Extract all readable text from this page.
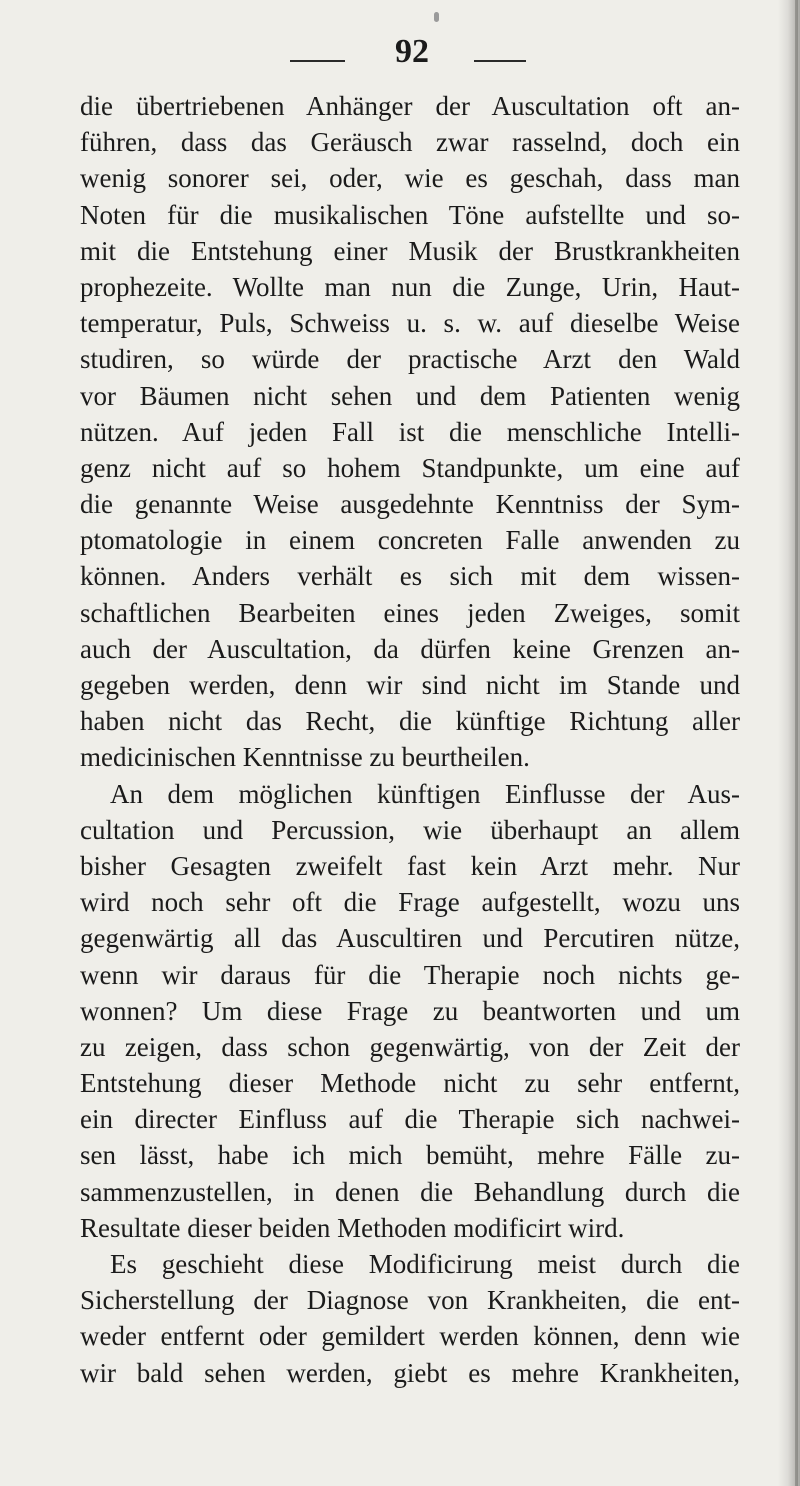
92
die übertriebenen Anhänger der Auscultation oft an-
führen, dass das Geräusch zwar rasselnd, doch ein
wenig sonorer sei, oder, wie es geschah, dass man
Noten für die musikalischen Töne aufstellte und so-
mit die Entstehung einer Musik der Brustkrankheiten
prophezeite. Wollte man nun die Zunge, Urin, Haut-
temperatur, Puls, Schweiss u. s. w. auf dieselbe Weise
studiren, so würde der practische Arzt den Wald
vor Bäumen nicht sehen und dem Patienten wenig
nützen. Auf jeden Fall ist die menschliche Intelli-
genz nicht auf so hohem Standpunkte, um eine auf
die genannte Weise ausgedehnte Kenntniss der Sym-
ptomatologie in einem concreten Falle anwenden zu
können. Anders verhält es sich mit dem wissen-
schaftlichen Bearbeiten eines jeden Zweiges, somit
auch der Auscultation, da dürfen keine Grenzen an-
gegeben werden, denn wir sind nicht im Stande und
haben nicht das Recht, die künftige Richtung aller
medicinischen Kenntnisse zu beurtheilen.
An dem möglichen künftigen Einflusse der Aus-
cultation und Percussion, wie überhaupt an allem
bisher Gesagten zweifelt fast kein Arzt mehr. Nur
wird noch sehr oft die Frage aufgestellt, wozu uns
gegenwärtig all das Auscultiren und Percutiren nütze,
wenn wir daraus für die Therapie noch nichts ge-
wonnen? Um diese Frage zu beantworten und um
zu zeigen, dass schon gegenwärtig, von der Zeit der
Entstehung dieser Methode nicht zu sehr entfernt,
ein directer Einfluss auf die Therapie sich nachwei-
sen lässt, habe ich mich bemüht, mehre Fälle zu-
sammenzustellen, in denen die Behandlung durch die
Resultate dieser beiden Methoden modificirt wird.
Es geschieht diese Modificirung meist durch die
Sicherstellung der Diagnose von Krankheiten, die ent-
weder entfernt oder gemildert werden können, denn wie
wir bald sehen werden, giebt es mehre Krankheiten,
